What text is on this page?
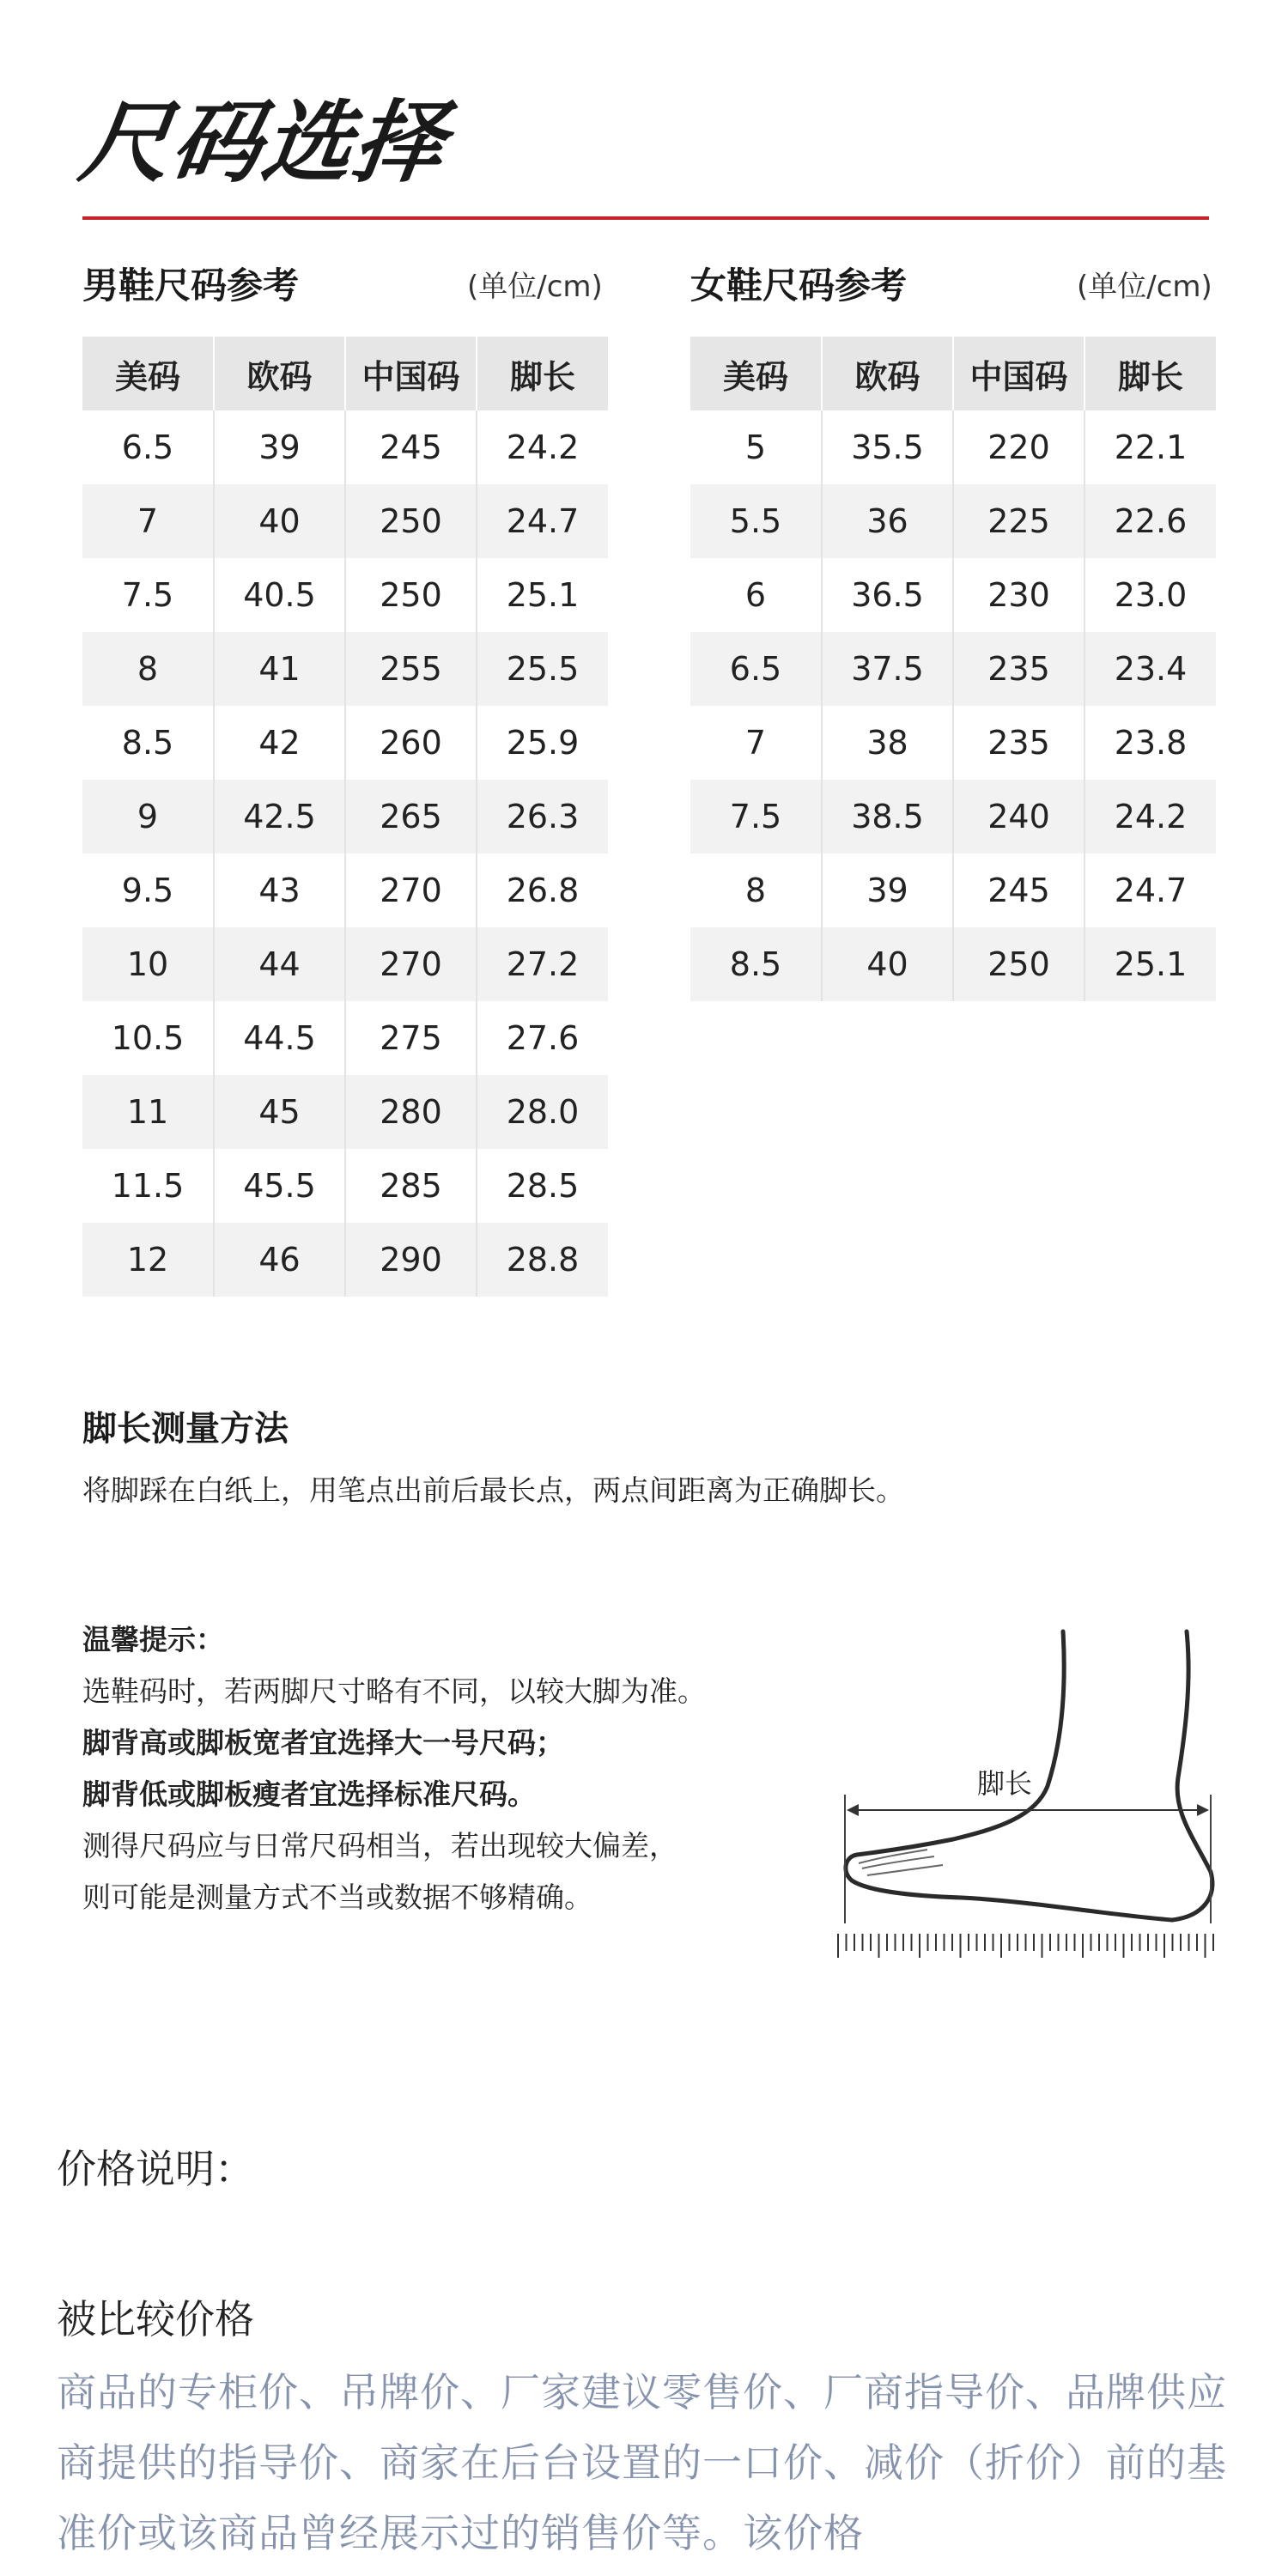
尺码选择
男鞋尺码参考	(单位/cm)
美码	欧码	中国码	脚长
6.5	39	245	24.2
7	40	250	24.7
7.5	40.5	250	25.1
8	41	255	25.5
8.5	42	260	25.9
9	42.5	265	26.3
9.5	43	270	26.8
10	44	270	27.2
10.5	44.5	275	27.6
11	45	280	28.0
11.5	45.5	285	28.5
12	46	290	28.8
女鞋尺码参考	(单位/cm)
美码	欧码	中国码	脚长
5	35.5	220	22.1
5.5	36	225	22.6
6	36.5	230	23.0
6.5	37.5	235	23.4
7	38	235	23.8
7.5	38.5	240	24.2
8	39	245	24.7
8.5	40	250	25.1
脚长测量方法
将脚踩在白纸上，用笔点出前后最长点，两点间距离为正确脚长。

温馨提示：

选鞋码时，若两脚尺寸略有不同，以较大脚为准。

脚背高或脚板宽者宜选择大一号尺码；

脚背低或脚板瘦者宜选择标准尺码。

测得尺码应与日常尺码相当，若出现较大偏差，

则可能是测量方式不当或数据不够精确。

脚长
价格说明：
被比较价格
商品的专柜价、吊牌价、厂家建议零售价、厂商指导价、品牌供应商提供的指导价、商家在后台设置的一口价、减价（折价）前的基准价或该商品曾经展示过的销售价等。该价格
